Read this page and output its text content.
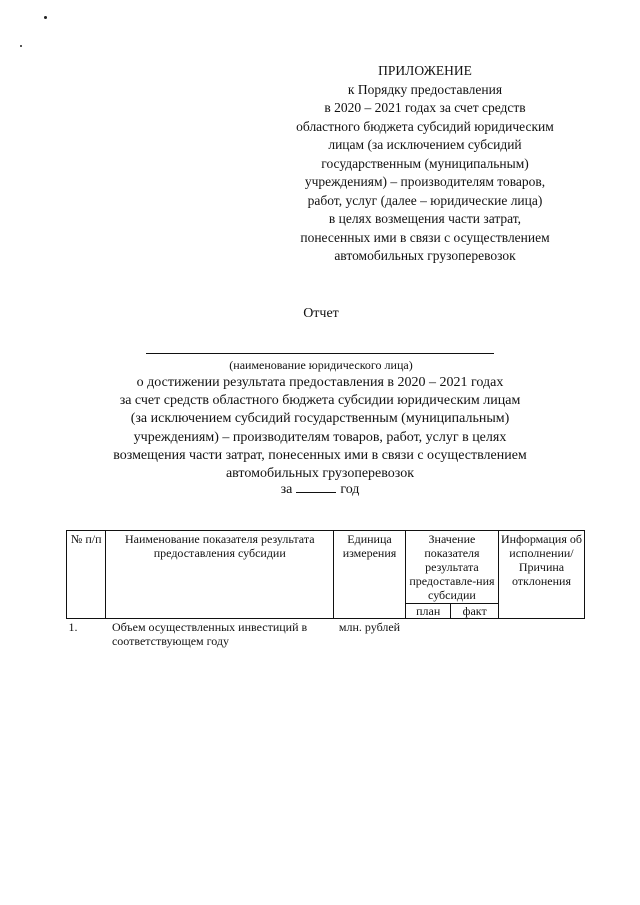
ПРИЛОЖЕНИЕ
к Порядку предоставления
в 2020 – 2021 годах за счет средств
областного бюджета субсидий юридическим
лицам (за исключением субсидий
государственным (муниципальным)
учреждениям) – производителям товаров,
работ, услуг (далее – юридические лица)
в целях возмещения части затрат,
понесенных ими в связи с осуществлением
автомобильных грузоперевозок
Отчет
(наименование юридического лица)
о достижении результата предоставления в 2020 – 2021 годах
за счет средств областного бюджета субсидии юридическим лицам
(за исключением субсидий государственным (муниципальным)
учреждениям) – производителям товаров, работ, услуг в целях
возмещения части затрат, понесенных ими в связи с осуществлением
автомобильных грузоперевозок
за	год
№ п/п	Наименование показателя результата предоставления субсидии	Единица измерения	Значение показателя результата предоставле-ния субсидии		Информация об исполнении/ Причина отклонения
			план	факт	
1.	Объем осуществленных инвестиций в соответствующем году	млн. рублей			
